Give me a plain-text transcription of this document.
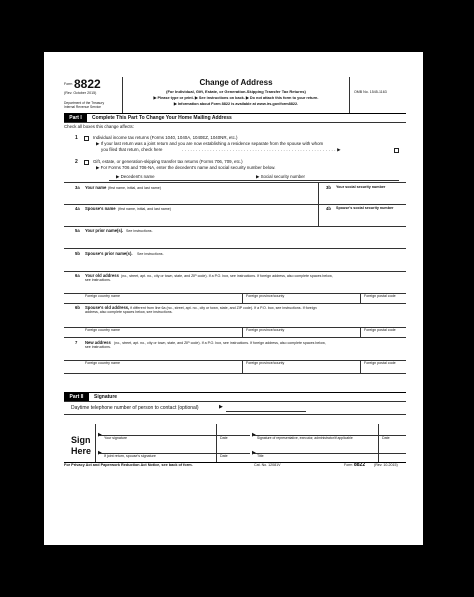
Form 8822
(Rev. October 2015)
Department of the Treasury
Internal Revenue Service
Change of Address
(For Individual, Gift, Estate, or Generation-Skipping Transfer Tax Returns)
▶ Please type or print. ▶ See instructions on back. ▶ Do not attach this form to your return.
▶ Information about Form 8822 is available at www.irs.gov/form8822.
OMB No. 1545-1163
Part I	Complete This Part To Change Your Home Mailing Address
Check all boxes this change affects:
1	Individual income tax returns (Forms 1040, 1040A, 1040EZ, 1040NR, etc.)
▶ If your last return was a joint return and you are now establishing a residence separate from the spouse with whom
you filed that return, check here	.......................................................▶
2	Gift, estate, or generation-skipping transfer tax returns (Forms 706, 709, etc.)
▶ For Forms 706 and 706-NA, enter the decedent's name and social security number below.
▶ Decedent's name	▶ Social security number
3a Your name (first name, initial, and last name)	3b Your social security number
4a Spouse's name (first name, initial, and last name)	4b Spouse's social security number
5a Your prior name(s). See instructions.
5b Spouse's prior name(s). See instructions.
6a Your old address (no., street, apt. no., city or town, state, and ZIP code). If a P.O. box, see instructions. If foreign address, also complete spaces below,
see instructions.
Foreign country name	Foreign province/county	Foreign postal code
6b Spouse's old address, if different from line 6a (no., street, apt. no., city or town, state, and ZIP code). If a P.O. box, see instructions. If foreign
address, also complete spaces below, see instructions.
Foreign country name	Foreign province/county	Foreign postal code
7 New address (no., street, apt. no., city or town, state, and ZIP code). If a P.O. box, see instructions. If foreign address, also complete spaces below,
see instructions.
Foreign country name	Foreign province/county	Foreign postal code
Part II	Signature
Daytime telephone number of person to contact (optional)	▶
Sign
Here
▶ Your signature	Date	▶ Signature of representative, executor, administrator/if applicable	Date
▶ If joint return, spouse's signature	Date	▶ Title
For Privacy Act and Paperwork Reduction Act Notice, see back of form.	Cat. No. 12081V	Form 8822 (Rev. 10-2015)
